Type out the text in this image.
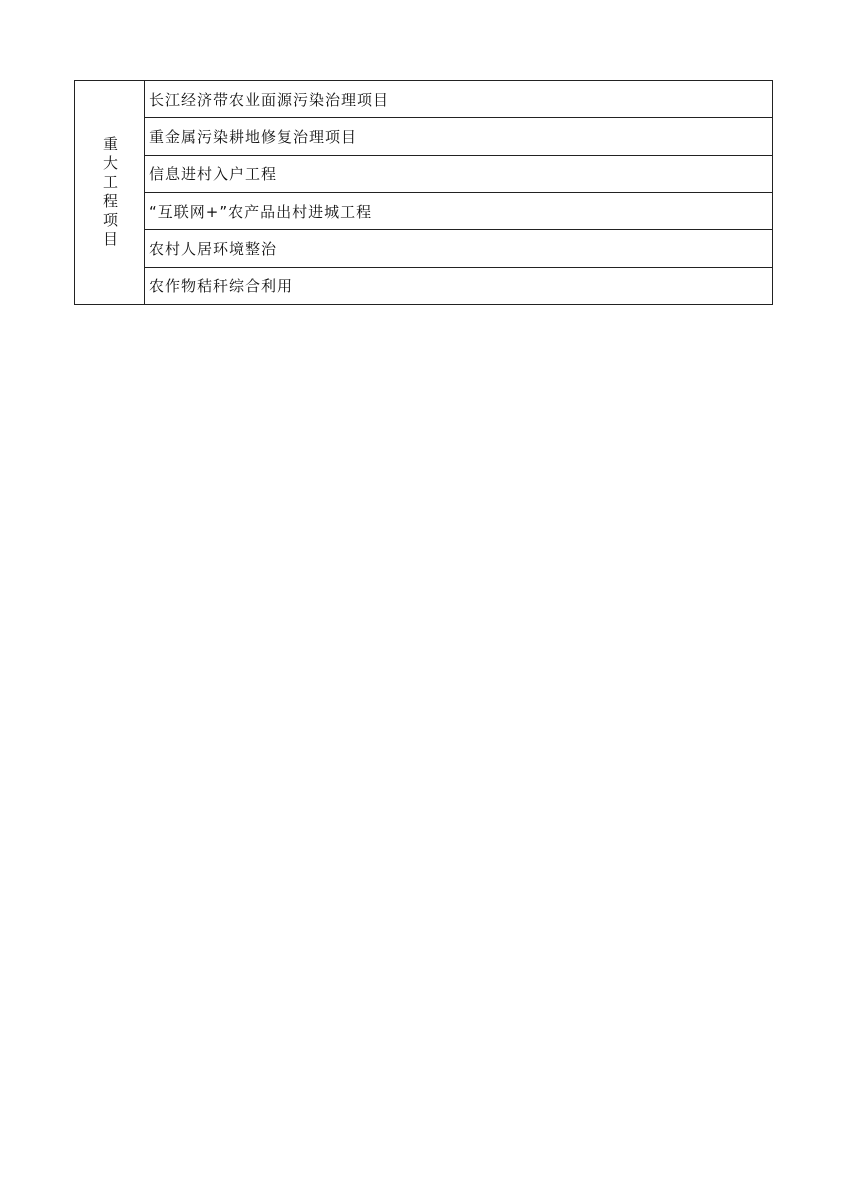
重大工程项目
长江经济带农业面源污染治理项目
重金属污染耕地修复治理项目
信息进村入户工程
“互联网+”农产品出村进城工程
农村人居环境整治
农作物秸秆综合利用
